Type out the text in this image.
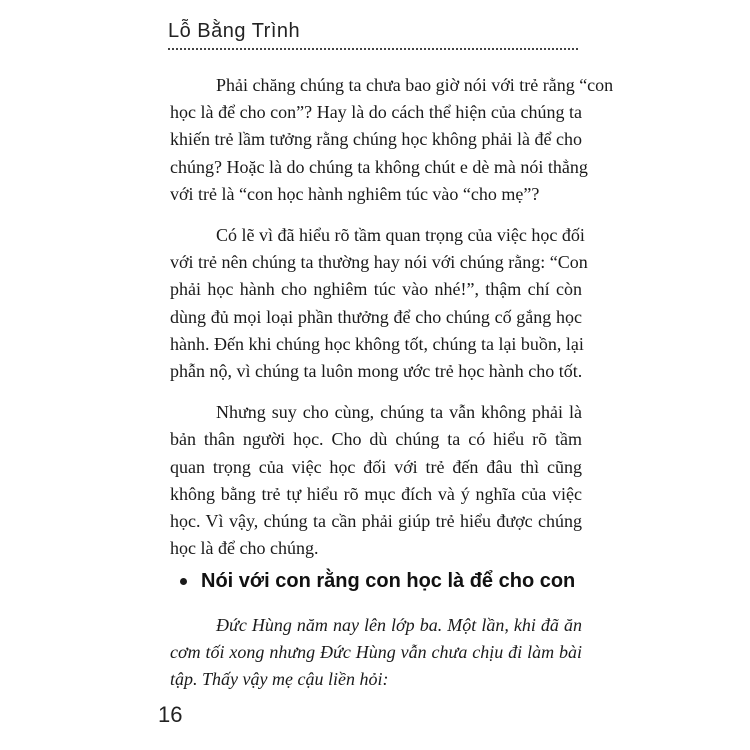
Lỗ Bằng Trình
Phải chăng chúng ta chưa bao giờ nói với trẻ rằng “con
học là để cho con”? Hay là do cách thể hiện của chúng ta
khiến trẻ lầm tưởng rằng chúng học không phải là để cho
chúng? Hoặc là do chúng ta không chút e dè mà nói thẳng
với trẻ là “con học hành nghiêm túc vào “cho mẹ”?
Có lẽ vì đã hiểu rõ tầm quan trọng của việc học đối
với trẻ nên chúng ta thường hay nói với chúng rằng: “Con
phải học hành cho nghiêm túc vào nhé!”, thậm chí còn
dùng đủ mọi loại phần thưởng để cho chúng cố gắng học
hành. Đến khi chúng học không tốt, chúng ta lại buồn, lại
phẫn nộ, vì chúng ta luôn mong ước trẻ học hành cho tốt.
Nhưng suy cho cùng, chúng ta vẫn không phải là
bản thân người học. Cho dù chúng ta có hiểu rõ tầm
quan trọng của việc học đối với trẻ đến đâu thì cũng
không bằng trẻ tự hiểu rõ mục đích và ý nghĩa của việc
học. Vì vậy, chúng ta cần phải giúp trẻ hiểu được chúng
học là để cho chúng.
Nói với con rằng con học là để cho con
Đức Hùng năm nay lên lớp ba. Một lần, khi đã ăn
cơm tối xong nhưng Đức Hùng vẫn chưa chịu đi làm bài
tập. Thấy vậy mẹ cậu liền hỏi:
16
